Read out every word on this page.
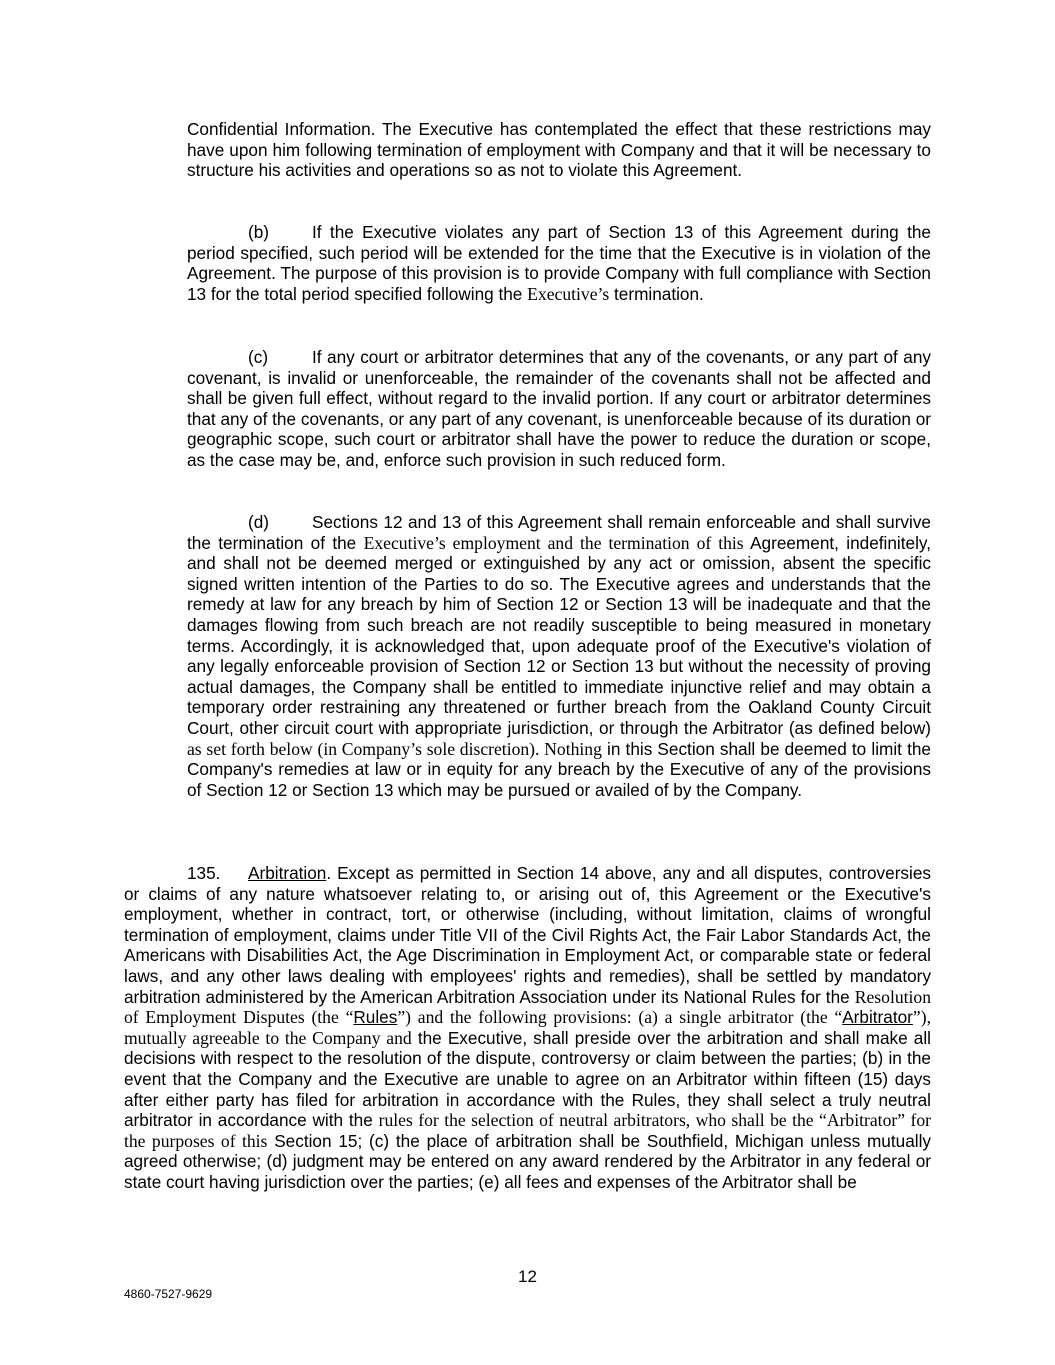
Confidential Information. The Executive has contemplated the effect that these restrictions may have upon him following termination of employment with Company and that it will be necessary to structure his activities and operations so as not to violate this Agreement.

(b) If the Executive violates any part of Section 13 of this Agreement during the period specified, such period will be extended for the time that the Executive is in violation of the Agreement. The purpose of this provision is to provide Company with full compliance with Section 13 for the total period specified following the Executive’s termination.

(c)	If any court or arbitrator determines that any of the covenants, or any part of any covenant, is invalid or unenforceable, the remainder of the covenants shall not be affected and shall be given full effect, without regard to the invalid portion. If any court or arbitrator determines that any of the covenants, or any part of any covenant, is unenforceable because of its duration or geographic scope, such court or arbitrator shall have the power to reduce the duration or scope, as the case may be, and, enforce such provision in such reduced form.

(d) Sections 12 and 13 of this Agreement shall remain enforceable and shall survive the termination of the Executive’s employment and the termination of this Agreement, indefinitely, and shall not be deemed merged or extinguished by any act or omission, absent the specific signed written intention of the Parties to do so. The Executive agrees and understands that the remedy at law for any breach by him of Section 12 or Section 13 will be inadequate and that the damages flowing from such breach are not readily susceptible to being measured in monetary terms. Accordingly, it is acknowledged that, upon adequate proof of the Executive's violation of any legally enforceable provision of Section 12 or Section 13 but without the necessity of proving actual damages, the Company shall be entitled to immediate injunctive relief and may obtain a temporary order restraining any threatened or further breach from the Oakland County Circuit Court, other circuit court with appropriate jurisdiction, or through the Arbitrator (as defined below) as set forth below (in Company’s sole discretion). Nothing in this Section shall be deemed to limit the Company's remedies at law or in equity for any breach by the Executive of any of the provisions of Section 12 or Section 13 which may be pursued or availed of by the Company.

135. Arbitration. Except as permitted in Section 14 above, any and all disputes, controversies or claims of any nature whatsoever relating to, or arising out of, this Agreement or the Executive's employment, whether in contract, tort, or otherwise (including, without limitation, claims of wrongful termination of employment, claims under Title VII of the Civil Rights Act, the Fair Labor Standards Act, the Americans with Disabilities Act, the Age Discrimination in Employment Act, or comparable state or federal laws, and any other laws dealing with employees' rights and remedies), shall be settled by mandatory arbitration administered by the American Arbitration Association under its National Rules for the Resolution of Employment Disputes (the “Rules”) and the following provisions: (a) a single arbitrator (the “Arbitrator”), mutually agreeable to the Company and the Executive, shall preside over the arbitration and shall make all decisions with respect to the resolution of the dispute, controversy or claim between the parties; (b) in the event that the Company and the Executive are unable to agree on an Arbitrator within fifteen (15) days after either party has filed for arbitration in accordance with the Rules, they shall select a truly neutral arbitrator in accordance with the rules for the selection of neutral arbitrators, who shall be the “Arbitrator” for the purposes of this Section 15; (c) the place of arbitration shall be Southfield, Michigan unless mutually agreed otherwise; (d) judgment may be entered on any award rendered by the Arbitrator in any federal or state court having jurisdiction over the parties; (e) all fees and expenses of the Arbitrator shall be

12
4860-7527-9629
